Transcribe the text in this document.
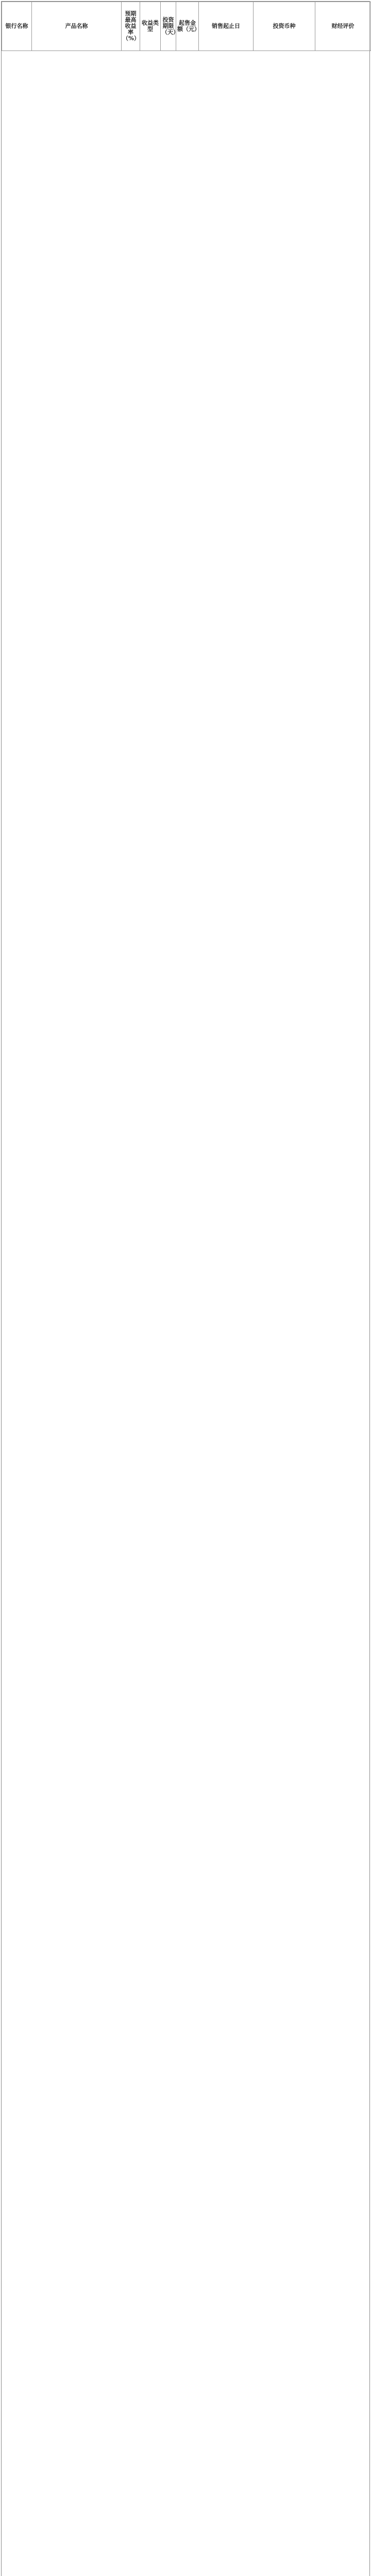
银行名称	产品名称	预期最高收益率（%）	收益类型	投资期限（天）	起售金额（元）	销售起止日	投资币种	财经评价
